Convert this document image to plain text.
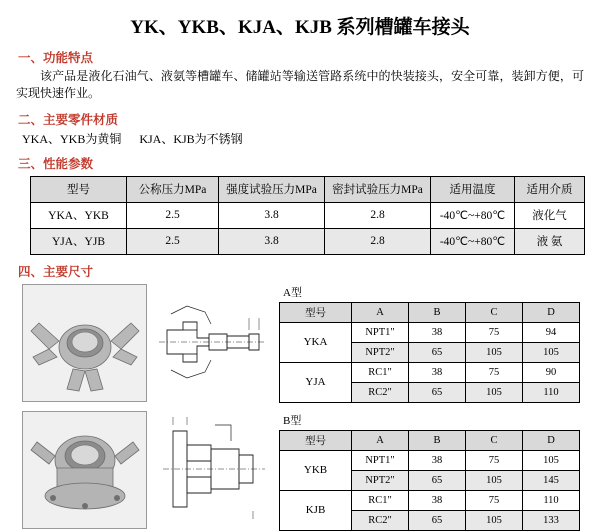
YK、YKB、KJA、KJB 系列槽罐车接头
一、功能特点
该产品是液化石油气、液氨等槽罐车、储罐站等输送管路系统中的快装接头，安全可靠，装卸方便，可实现快速作业。
二、主要零件材质
YKA、YKB为黄铜      KJA、KJB为不锈钢
三、性能参数
型号	公称压力MPa	强度试验压力MPa	密封试验压力MPa	适用温度	适用介质
YKA、YKB	2.5	3.8	2.8	-40℃~+80℃	液化气
YJA、YJB	2.5	3.8	2.8	-40℃~+80℃	液 氨
四、主要尺寸
A型
型号	A	B	C	D
YKA	NPT1"	38	75	94
	NPT2"	65	105	105
YJA	RC1"	38	75	90
	RC2"	65	105	110
B型
型号	A	B	C	D
YKB	NPT1"	38	75	105
	NPT2"	65	105	145
KJB	RC1"	38	75	110
	RC2"	65	105	133
